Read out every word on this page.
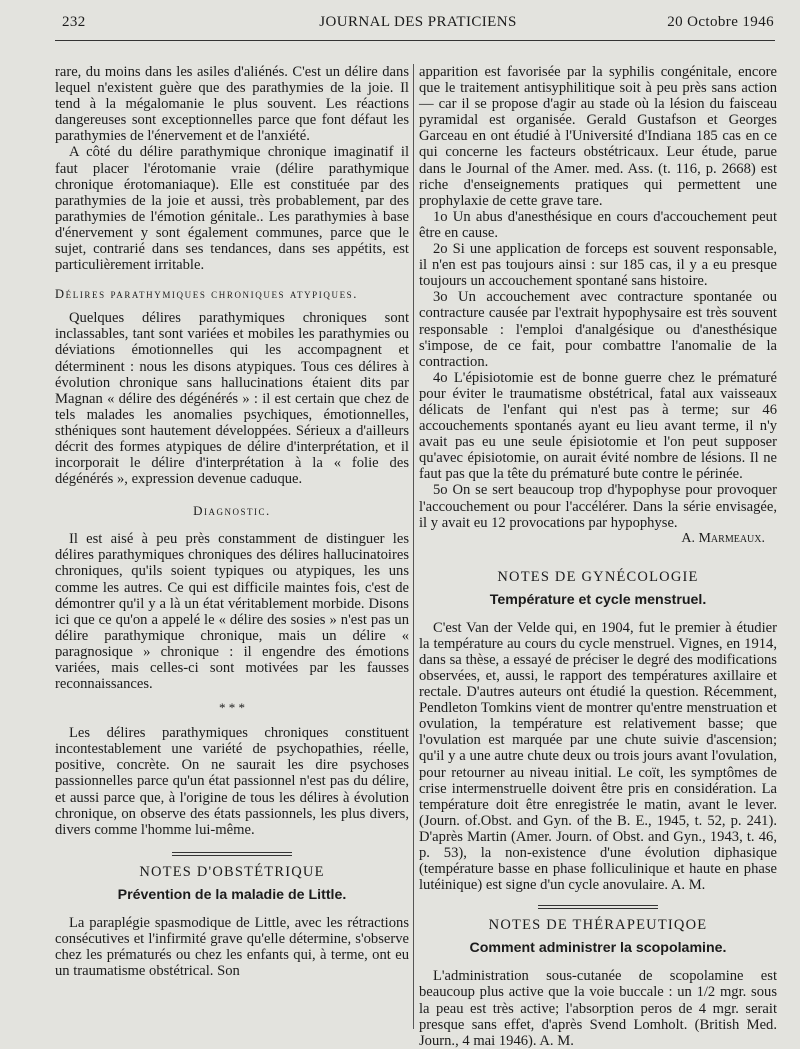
232	JOURNAL DES PRATICIENS	20 Octobre 1946

rare, du moins dans les asiles d'aliénés. C'est un délire dans lequel n'existent guère que des parathymies de la joie. Il tend à la mégalomanie le plus souvent. Les réactions dangereuses sont exceptionnelles parce que font défaut les parathymies de l'énervement et de l'anxiété.

A côté du délire parathymique chronique imaginatif il faut placer l'érotomanie vraie (délire parathymique chronique érotomaniaque). Elle est constituée par des parathymies de la joie et aussi, très probablement, par des parathymies de l'émotion génitale.. Les parathymies à base d'énervement y sont également communes, parce que le sujet, contrarié dans ses tendances, dans ses appétits, est particulièrement irritable.

Délires parathymiques chroniques atypiques.

Quelques délires parathymiques chroniques sont inclassables, tant sont variées et mobiles les parathymies ou déviations émotionnelles qui les accompagnent et déterminent : nous les disons atypiques. Tous ces délires à évolution chronique sans hallucinations étaient dits par Magnan « délire des dégénérés » : il est certain que chez de tels malades les anomalies psychiques, émotionnelles, sthéniques sont hautement développées. Sérieux a d'ailleurs décrit des formes atypiques de délire d'interprétation, et il incorporait le délire d'interprétation à la « folie des dégénérés », expression devenue caduque.

Diagnostic.

Il est aisé à peu près constamment de distinguer les délires parathymiques chroniques des délires hallucinatoires chroniques, qu'ils soient typiques ou atypiques, les uns comme les autres. Ce qui est difficile maintes fois, c'est de démontrer qu'il y a là un état véritablement morbide. Disons ici que ce qu'on a appelé le « délire des sosies » n'est pas un délire parathymique chronique, mais un délire « paragnosique » chronique : il engendre des émotions variées, mais celles-ci sont motivées par les fausses reconnaissances.

* * *

Les délires parathymiques chroniques constituent incontestablement une variété de psychopathies, réelle, positive, concrète. On ne saurait les dire psychoses passionnelles parce qu'un état passionnel n'est pas du délire, et aussi parce que, à l'origine de tous les délires à évolution chronique, on observe des états passionnels, les plus divers, divers comme l'homme lui-même.

NOTES D'OBSTÉTRIQUE
Prévention de la maladie de Little.

La paraplégie spasmodique de Little, avec les rétractions consécutives et l'infirmité grave qu'elle détermine, s'observe chez les prématurés ou chez les enfants qui, à terme, ont eu un traumatisme obstétrical. Son

apparition est favorisée par la syphilis congénitale, encore que le traitement antisyphilitique soit à peu près sans action — car il se propose d'agir au stade où la lésion du faisceau pyramidal est organisée. Gerald Gustafson et Georges Garceau en ont étudié à l'Université d'Indiana 185 cas en ce qui concerne les facteurs obstétricaux. Leur étude, parue dans le Journal of the Amer. med. Ass. (t. 116, p. 2668) est riche d'enseignements pratiques qui permettent une prophylaxie de cette grave tare.

1o Un abus d'anesthésique en cours d'accouchement peut être en cause.

2o Si une application de forceps est souvent responsable, il n'en est pas toujours ainsi : sur 185 cas, il y a eu presque toujours un accouchement spontané sans histoire.

3o Un accouchement avec contracture spontanée ou contracture causée par l'extrait hypophysaire est très souvent responsable : l'emploi d'analgésique ou d'anesthésique s'impose, de ce fait, pour combattre l'anomalie de la contraction.

4o L'épisiotomie est de bonne guerre chez le prématuré pour éviter le traumatisme obstétrical, fatal aux vaisseaux délicats de l'enfant qui n'est pas à terme; sur 46 accouchements spontanés ayant eu lieu avant terme, il n'y avait pas eu une seule épisiotomie et l'on peut supposer qu'avec épisiotomie, on aurait évité nombre de lésions. Il ne faut pas que la tête du prématuré bute contre le périnée.

5o On se sert beaucoup trop d'hypophyse pour provoquer l'accouchement ou pour l'accélérer. Dans la série envisagée, il y avait eu 12 provocations par hypophyse.

A. Marmeaux.
NOTES DE GYNÉCOLOGIE
Température et cycle menstruel.

C'est Van der Velde qui, en 1904, fut le premier à étudier la température au cours du cycle menstruel. Vignes, en 1914, dans sa thèse, a essayé de préciser le degré des modifications observées, et, aussi, le rapport des températures axillaire et rectale. D'autres auteurs ont étudié la question. Récemment, Pendleton Tomkins vient de montrer qu'entre menstruation et ovulation, la température est relativement basse; que l'ovulation est marquée par une chute suivie d'ascension; qu'il y a une autre chute deux ou trois jours avant l'ovulation, pour retourner au niveau initial. Le coït, les symptômes de crise intermenstruelle doivent être pris en considération. La température doit être enregistrée le matin, avant le lever. (Journ. of.Obst. and Gyn. of the B. E., 1945, t. 52, p. 241). D'après Martin (Amer. Journ. of Obst. and Gyn., 1943, t. 46, p. 53), la non-existence d'une évolution diphasique (température basse en phase folliculinique et haute en phase lutéinique) est signe d'un cycle anovulaire. A. M.

NOTES DE THÉRAPEUTIQOE
Comment administrer la scopolamine.

L'administration sous-cutanée de scopolamine est beaucoup plus active que la voie buccale : un 1/2 mgr. sous la peau est très active; l'absorption peros de 4 mgr. serait presque sans effet, d'après Svend Lomholt. (British Med. Journ., 4 mai 1946). A. M.
